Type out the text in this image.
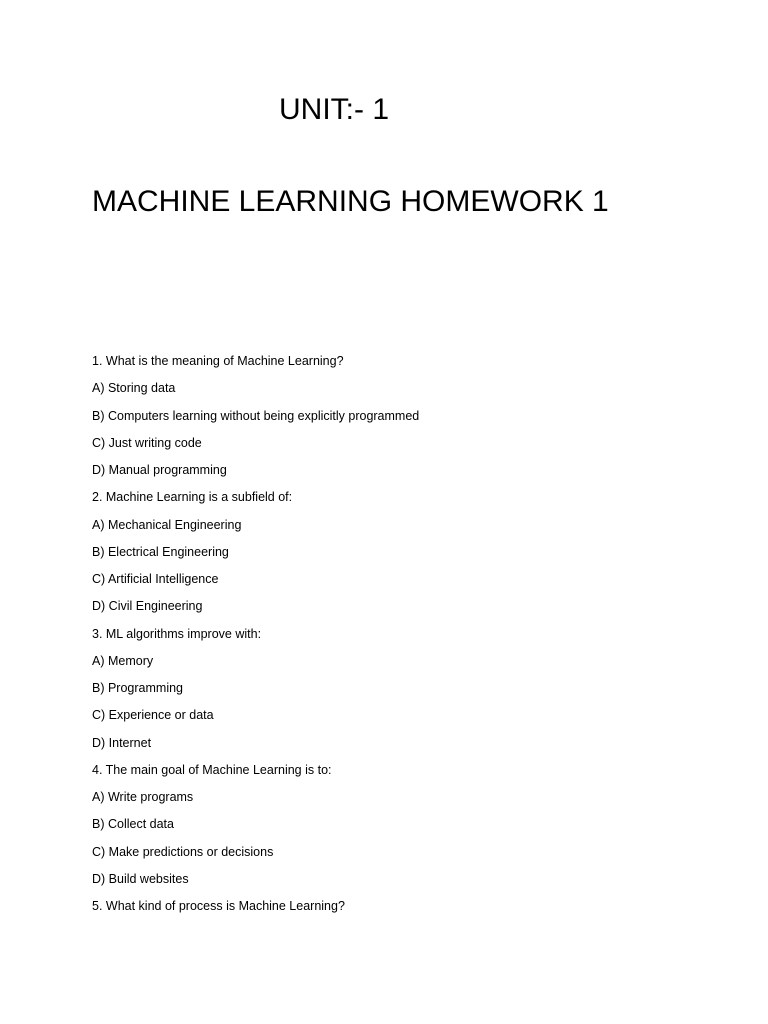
UNIT:- 1
MACHINE LEARNING HOMEWORK 1
1. What is the meaning of Machine Learning?
A) Storing data
B) Computers learning without being explicitly programmed
C) Just writing code
D) Manual programming
2. Machine Learning is a subfield of:
A) Mechanical Engineering
B) Electrical Engineering
C) Artificial Intelligence
D) Civil Engineering
3. ML algorithms improve with:
A) Memory
B) Programming
C) Experience or data
D) Internet
4. The main goal of Machine Learning is to:
A) Write programs
B) Collect data
C) Make predictions or decisions
D) Build websites
5. What kind of process is Machine Learning?
